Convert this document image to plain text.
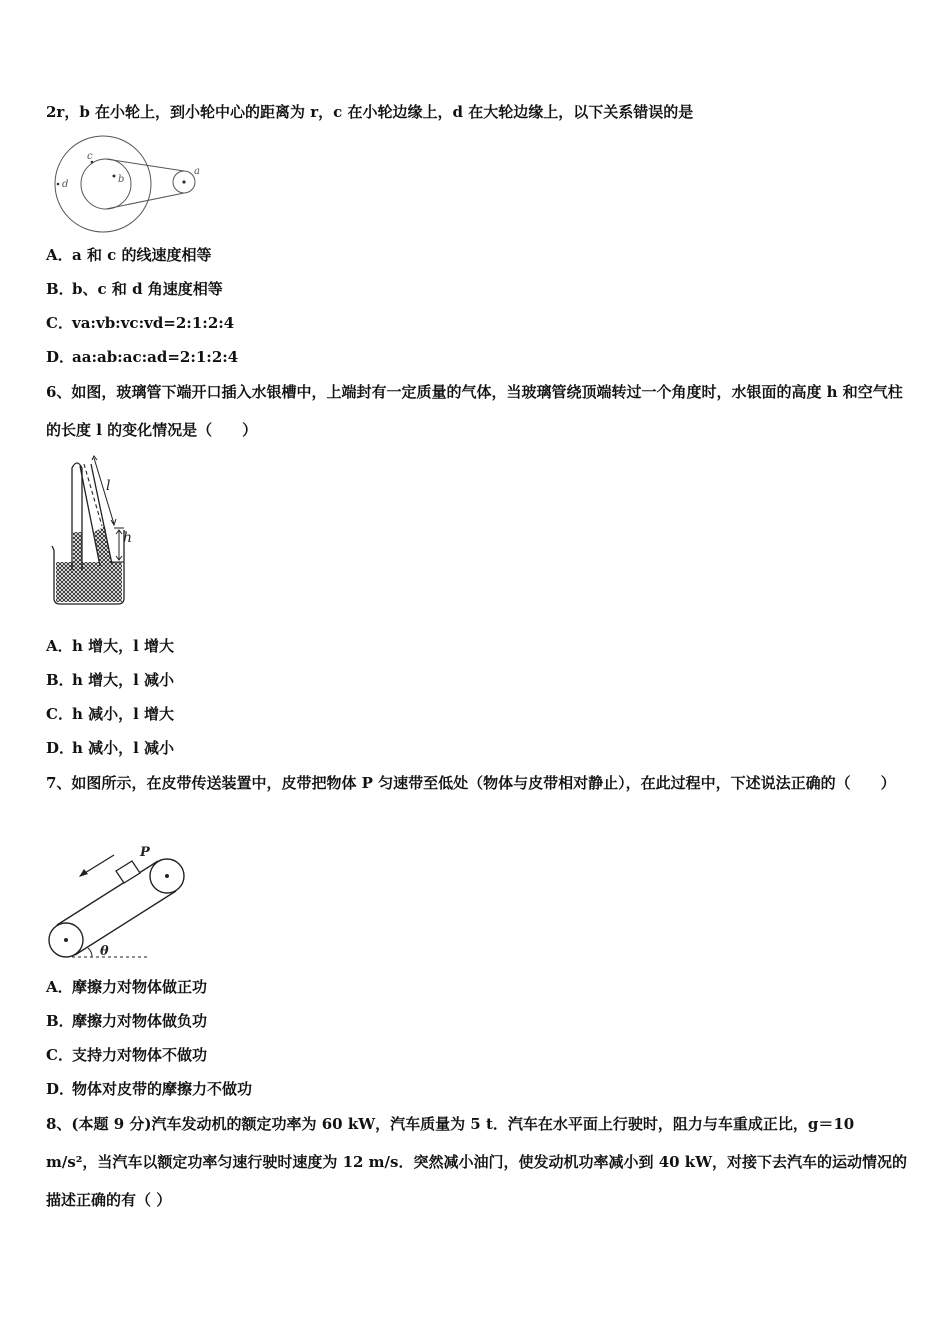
2r，b 在小轮上，到小轮中心的距离为 r，c 在小轮边缘上，d 在大轮边缘上，以下关系错误的是
a
b
c
d
A．a 和 c 的线速度相等
B．b、c 和 d 角速度相等
C．va:vb:vc:vd=2:1:2:4
D．aa:ab:ac:ad=2:1:2:4
6、如图，玻璃管下端开口插入水银槽中，上端封有一定质量的气体，当玻璃管绕顶端转过一个角度时，水银面的高度 h 和空气柱的长度 l 的变化情况是（　　）
l
h
A．h 增大，l 增大
B．h 增大，l 减小
C．h 减小，l 增大
D．h 减小，l 减小
7、如图所示，在皮带传送装置中，皮带把物体 P 匀速带至低处（物体与皮带相对静止），在此过程中，下述说法正确的（　　）
P
θ
A．摩擦力对物体做正功
B．摩擦力对物体做负功
C．支持力对物体不做功
D．物体对皮带的摩擦力不做功
8、(本题 9 分)汽车发动机的额定功率为 60 kW，汽车质量为 5 t．汽车在水平面上行驶时，阻力与车重成正比，g＝10 m/s²，当汽车以额定功率匀速行驶时速度为 12 m/s．突然减小油门，使发动机功率减小到 40 kW，对接下去汽车的运动情况的描述正确的有（ ）
